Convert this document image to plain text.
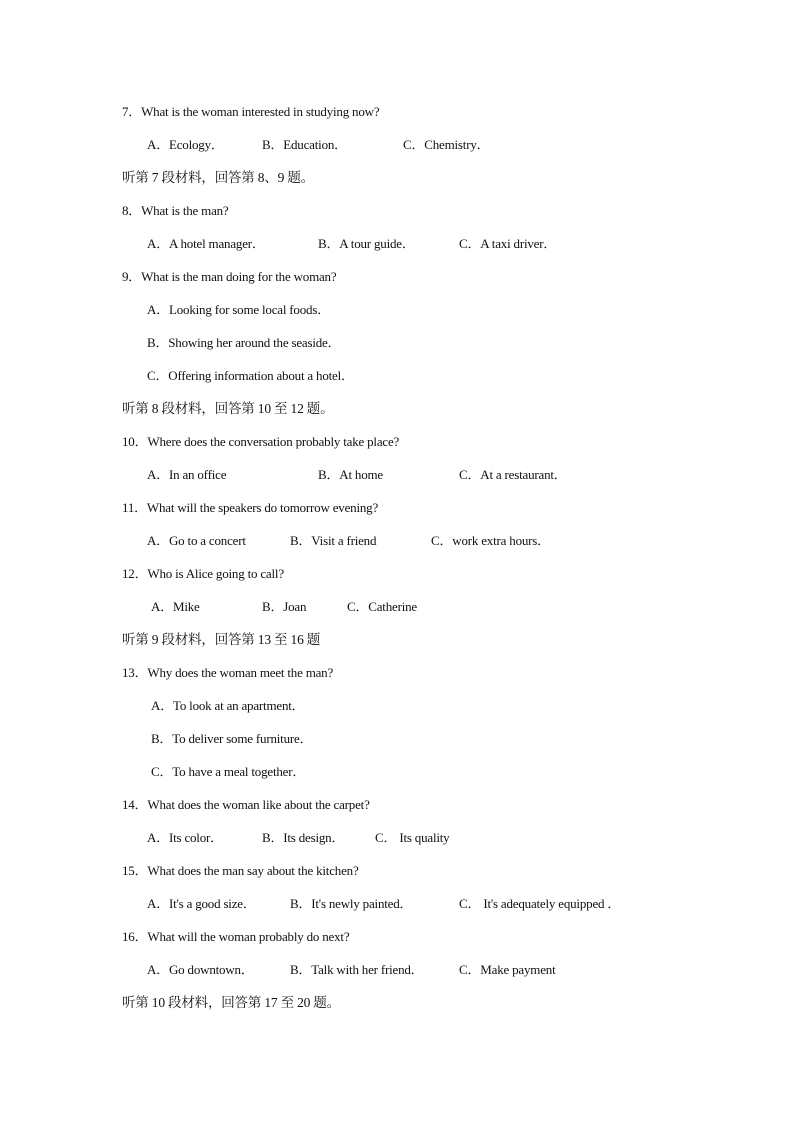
7．What is the woman interested in studying now?
A．Ecology．	B．Education．	C．Chemistry．
听第 7 段材料，回答第 8、9 题。
8．What is the man?
A．A hotel manager．	B．A tour guide．	C．A taxi driver．
9．What is the man doing for the woman?
A．Looking for some local foods．
B．Showing her around the seaside．
C．Offering information about a hotel．
听第 8 段材料，回答第 10 至 12 题。
10．Where does the conversation probably take place?
A．In an office	B．At home	C．At a restaurant．
11．What will the speakers do tomorrow evening?
A．Go to a concert	B．Visit a friend	C．work extra hours．
12．Who is Alice going to call?
A．Mike	B．Joan	C．Catherine
听第 9 段材料，回答第 13 至 16 题
13．Why does the woman meet the man?
A．To look at an apartment．
B．To deliver some furniture．
C．To have a meal together．
14．What does the woman like about the carpet?
A．Its color．	B．Its design． C． Its quality
15．What does the man say about the kitchen?
A．It's a good size．	B．It's newly painted．	C． It's adequately equipped ．
16．What will the woman probably do next?
A．Go downtown．	B．Talk with her friend．	C．Make payment
听第 10 段材料，回答第 17 至 20 题。
